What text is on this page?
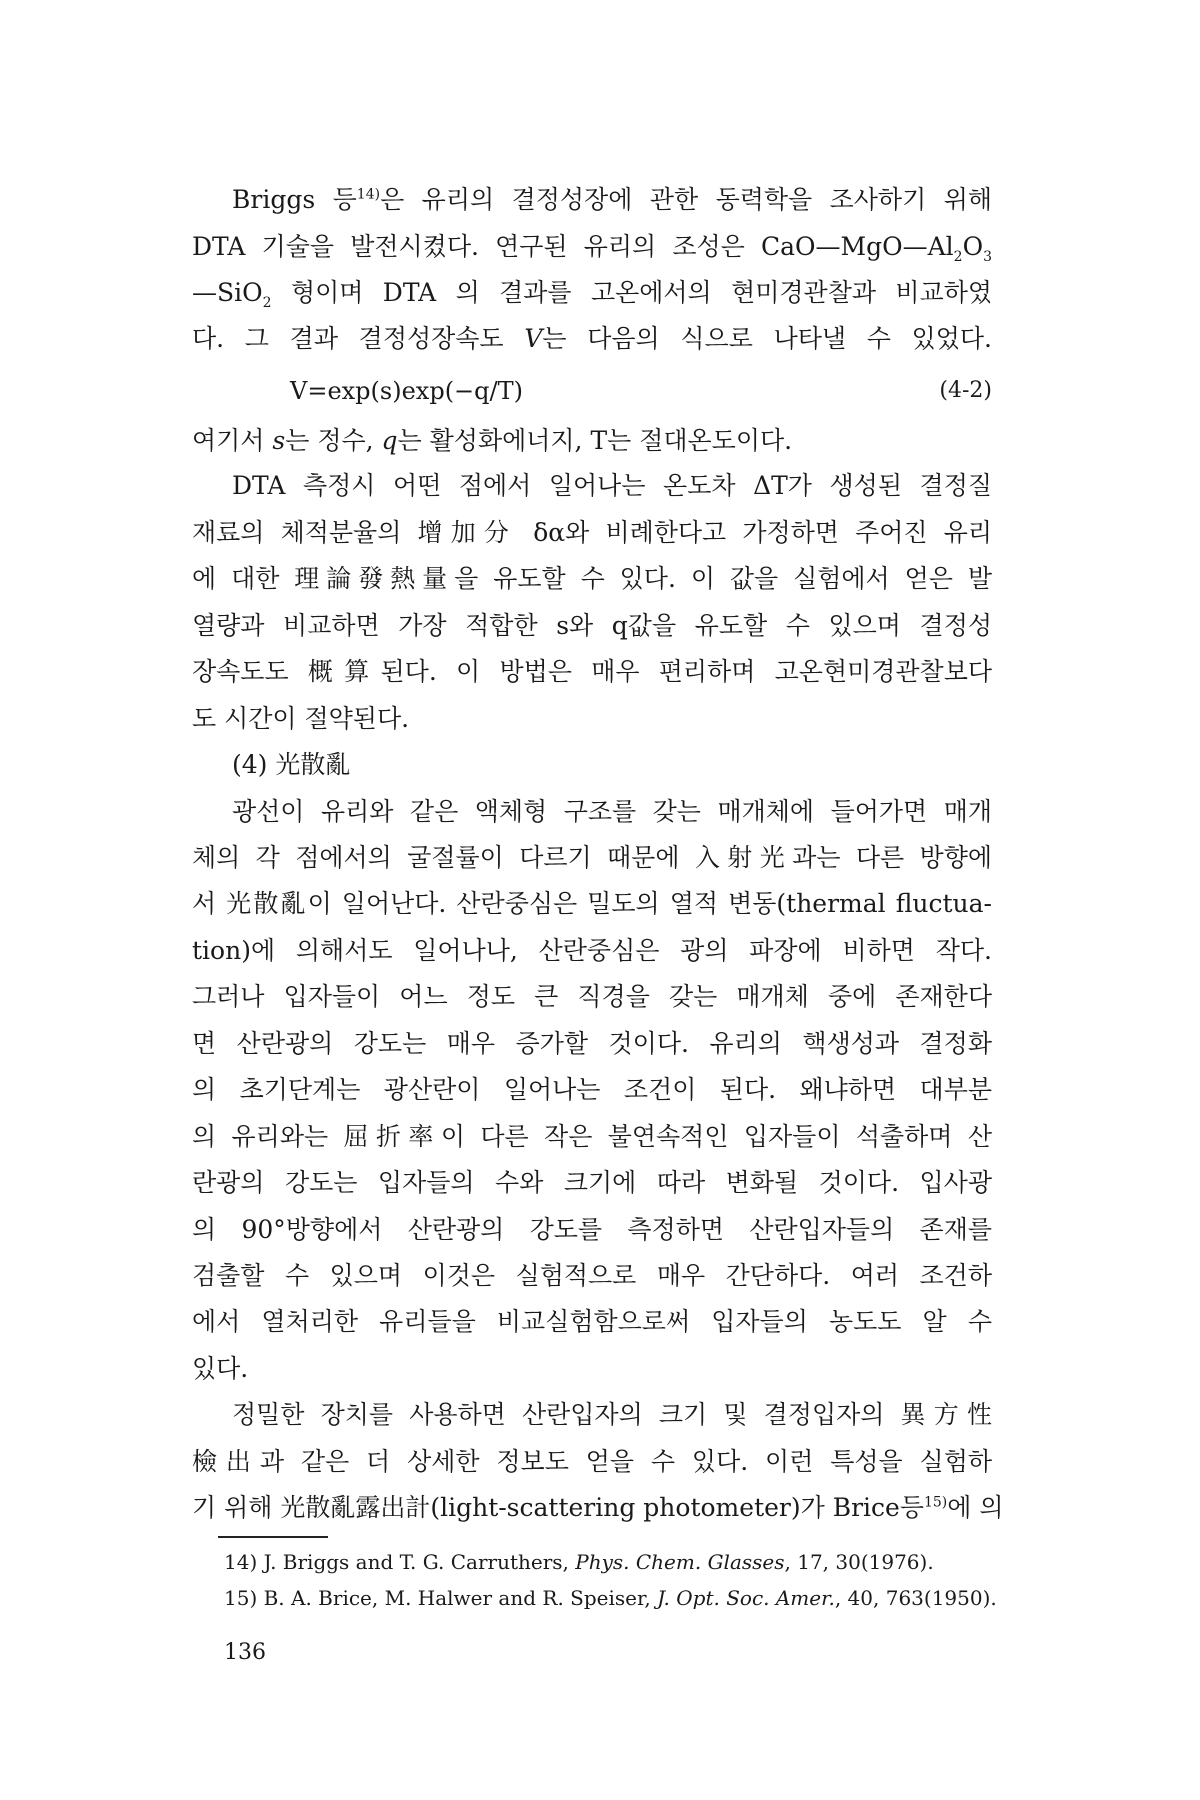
Briggs 등$^{14)}$은 유리의 결정성장에 관한 동력학을 조사하기 위해
DTA 기술을 발전시켰다. 연구된 유리의 조성은 $CaO—MgO—Al_2O_3$
—SiO$_2$ 형이며 DTA 의 결과를 고온에서의 현미경관찰과 비교하였
다. 그 결과 결정성장속도 V는 다음의 식으로 나타낼 수 있었다.
V=exp(s)exp(−q/T)	(4-2)
여기서 s는 정수, q는 활성화에너지, T는 절대온도이다.
DTA 측정시 어떤 점에서 일어나는 온도차 ΔT가 생성된 결정질
재료의 체적분율의 增加分 δα와 비례한다고 가정하면 주어진 유리
에 대한 理論發熱量을 유도할 수 있다. 이 값을 실험에서 얻은 발
열량과 비교하면 가장 적합한 s와 q값을 유도할 수 있으며 결정성
장속도도 概算된다. 이 방법은 매우 편리하며 고온현미경관찰보다
도 시간이 절약된다.
(4) 光散亂
광선이 유리와 같은 액체형 구조를 갖는 매개체에 들어가면 매개
체의 각 점에서의 굴절률이 다르기 때문에 入射光과는 다른 방향에
서 光散亂이 일어난다. 산란중심은 밀도의 열적 변동(thermal fluctua-
tion)에 의해서도 일어나나, 산란중심은 광의 파장에 비하면 작다.
그러나 입자들이 어느 정도 큰 직경을 갖는 매개체 중에 존재한다
면 산란광의 강도는 매우 증가할 것이다. 유리의 핵생성과 결정화
의 초기단계는 광산란이 일어나는 조건이 된다. 왜냐하면 대부분
의 유리와는 屈折率이 다른 작은 불연속적인 입자들이 석출하며 산
란광의 강도는 입자들의 수와 크기에 따라 변화될 것이다. 입사광
의 90°방향에서 산란광의 강도를 측정하면 산란입자들의 존재를
검출할 수 있으며 이것은 실험적으로 매우 간단하다. 여러 조건하
에서 열처리한 유리들을 비교실험함으로써 입자들의 농도도 알 수
있다.
정밀한 장치를 사용하면 산란입자의 크기 및 결정입자의 異方性
檢出과 같은 더 상세한 정보도 얻을 수 있다. 이런 특성을 실험하
기 위해 光散亂露出計(light-scattering photometer)가 Brice등$^{15)}$에 의
14) J. Briggs and T. G. Carruthers, Phys. Chem. Glasses, 17, 30(1976).
15) B. A. Brice, M. Halwer and R. Speiser, J. Opt. Soc. Amer., 40, 763(1950).
136
